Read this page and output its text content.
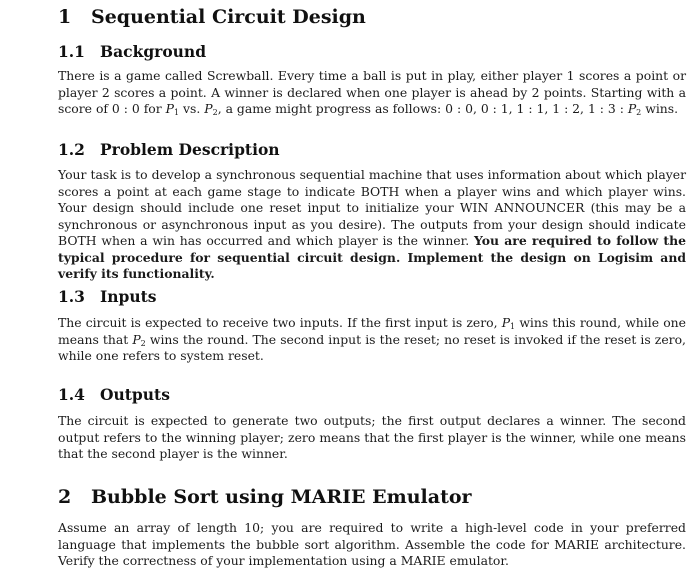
1 Sequential Circuit Design
1.1 Background
There is a game called Screwball. Every time a ball is put in play, either player 1 scores a point or player 2 scores a point. A winner is declared when one player is ahead by 2 points. Starting with a score of 0 : 0 for $P_1$ vs. $P_2$, a game might progress as follows: 0 : 0, 0 : 1, 1 : 1, 1 : 2, 1 : 3 : $P_2$ wins.
1.2 Problem Description
Your task is to develop a synchronous sequential machine that uses information about which player scores a point at each game stage to indicate BOTH when a player wins and which player wins. Your design should include one reset input to initialize your WIN ANNOUNCER (this may be a synchronous or asynchronous input as you desire). The outputs from your design should indicate BOTH when a win has occurred and which player is the winner. You are required to follow the typical procedure for sequential circuit design. Implement the design on Logisim and verify its functionality.
1.3 Inputs
The circuit is expected to receive two inputs. If the first input is zero, $P_1$ wins this round, while one means that $P_2$ wins the round. The second input is the reset; no reset is invoked if the reset is zero, while one refers to system reset.
1.4 Outputs
The circuit is expected to generate two outputs; the first output declares a winner. The second output refers to the winning player; zero means that the first player is the winner, while one means that the second player is the winner.
2 Bubble Sort using MARIE Emulator
Assume an array of length 10; you are required to write a high-level code in your preferred language that implements the bubble sort algorithm. Assemble the code for MARIE architecture. Verify the correctness of your implementation using a MARIE emulator.
